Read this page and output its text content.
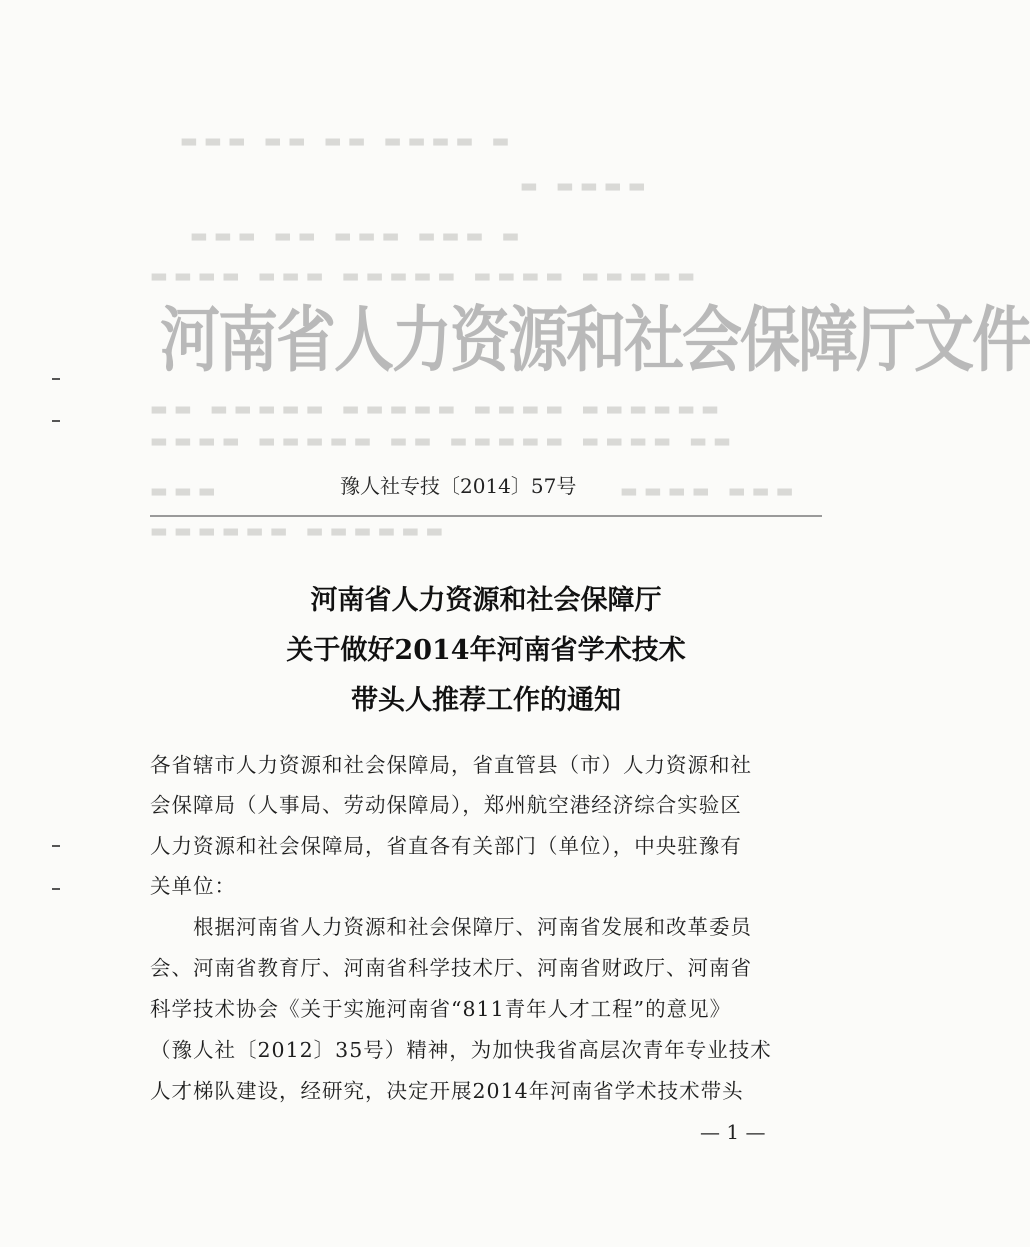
▬▬▬ ▬▬ ▬▬ ▬▬▬▬ ▬
▬ ▬▬▬▬
▬▬▬ ▬▬ ▬▬▬ ▬▬▬ ▬
▬▬▬▬ ▬▬▬ ▬▬▬▬▬ ▬▬▬▬ ▬▬▬▬▬
▬▬ ▬▬▬▬▬ ▬▬▬▬▬ ▬▬▬▬ ▬▬▬▬▬▬
▬▬▬▬ ▬▬▬▬▬ ▬▬ ▬▬▬▬▬ ▬▬▬▬ ▬▬
▬▬▬	▬▬▬▬ ▬▬▬
▬▬▬▬▬▬ ▬▬▬▬▬▬
河南省人力资源和社会保障厅文件
豫人社专技〔2014〕57号
河南省人力资源和社会保障厅
关于做好2014年河南省学术技术
带头人推荐工作的通知
各省辖市人力资源和社会保障局，省直管县（市）人力资源和社
会保障局（人事局、劳动保障局），郑州航空港经济综合实验区
人力资源和社会保障局，省直各有关部门（单位），中央驻豫有
关单位：
　　根据河南省人力资源和社会保障厅、河南省发展和改革委员
会、河南省教育厅、河南省科学技术厅、河南省财政厅、河南省
科学技术协会《关于实施河南省“811青年人才工程”的意见》
（豫人社〔2012〕35号）精神，为加快我省高层次青年专业技术
人才梯队建设，经研究，决定开展2014年河南省学术技术带头
— 1 —
